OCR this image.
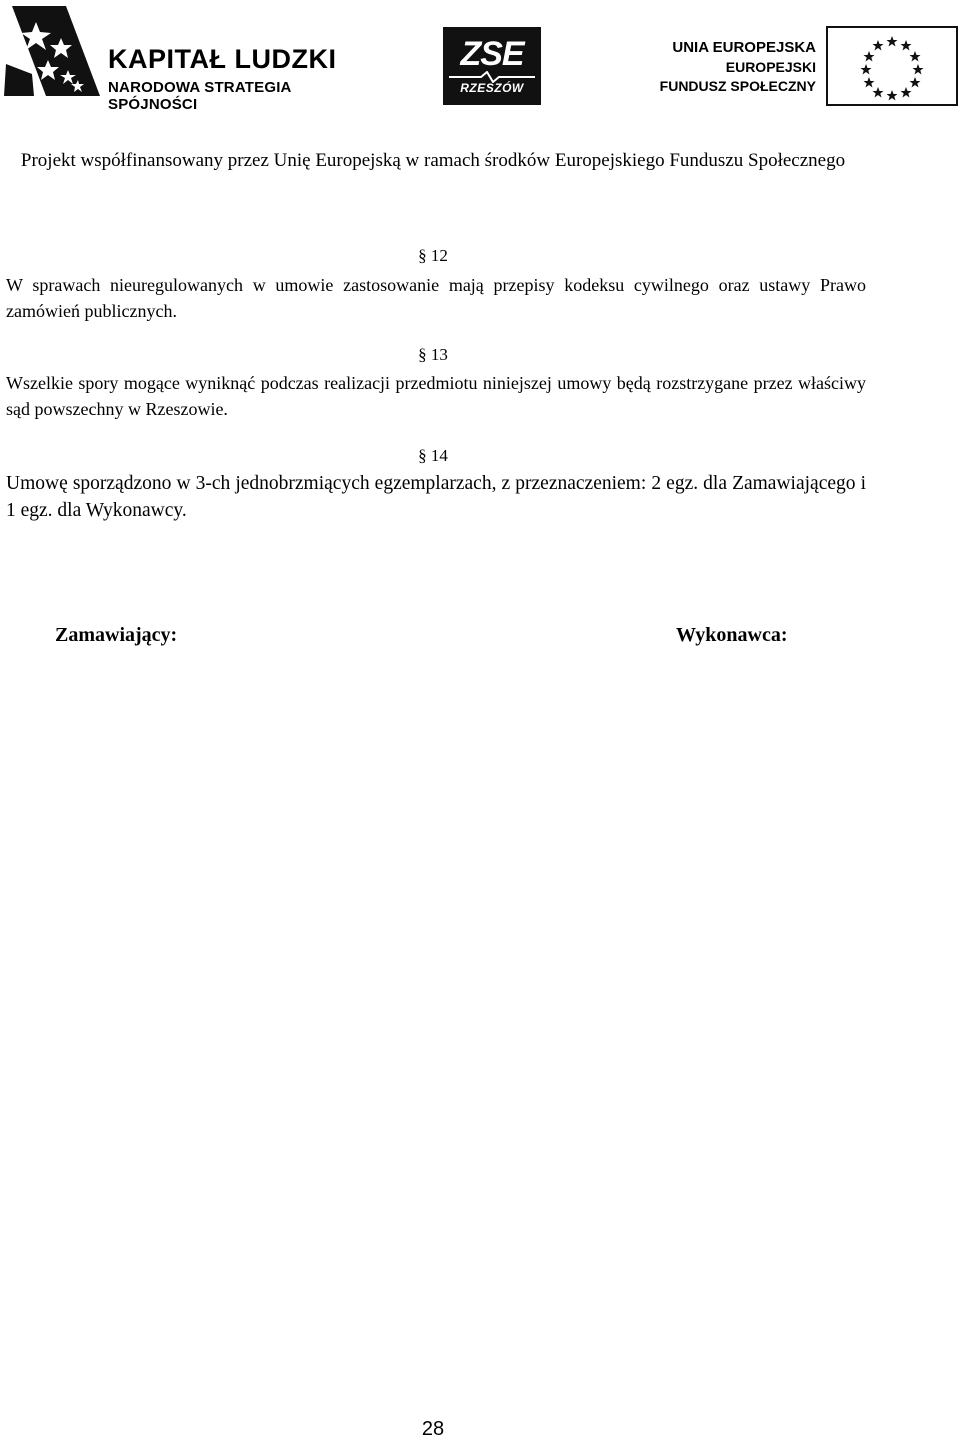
KAPITAŁ LUDZKI
NARODOWA STRATEGIA SPÓJNOŚCI
ZSE
RZESZÓW
UNIA EUROPEJSKA
EUROPEJSKI
FUNDUSZ SPOŁECZNY
Projekt współfinansowany przez Unię Europejską w ramach środków Europejskiego Funduszu Społecznego
§ 12
W sprawach nieuregulowanych w umowie zastosowanie mają przepisy kodeksu cywilnego oraz ustawy Prawo zamówień publicznych.
§ 13
Wszelkie spory mogące wyniknąć podczas realizacji przedmiotu niniejszej umowy będą rozstrzygane przez właściwy sąd powszechny w Rzeszowie.
§ 14
Umowę sporządzono w 3-ch jednobrzmiących egzemplarzach, z przeznaczeniem: 2 egz. dla Zamawiającego i 1 egz. dla Wykonawcy.
Zamawiający:	Wykonawca:
28
